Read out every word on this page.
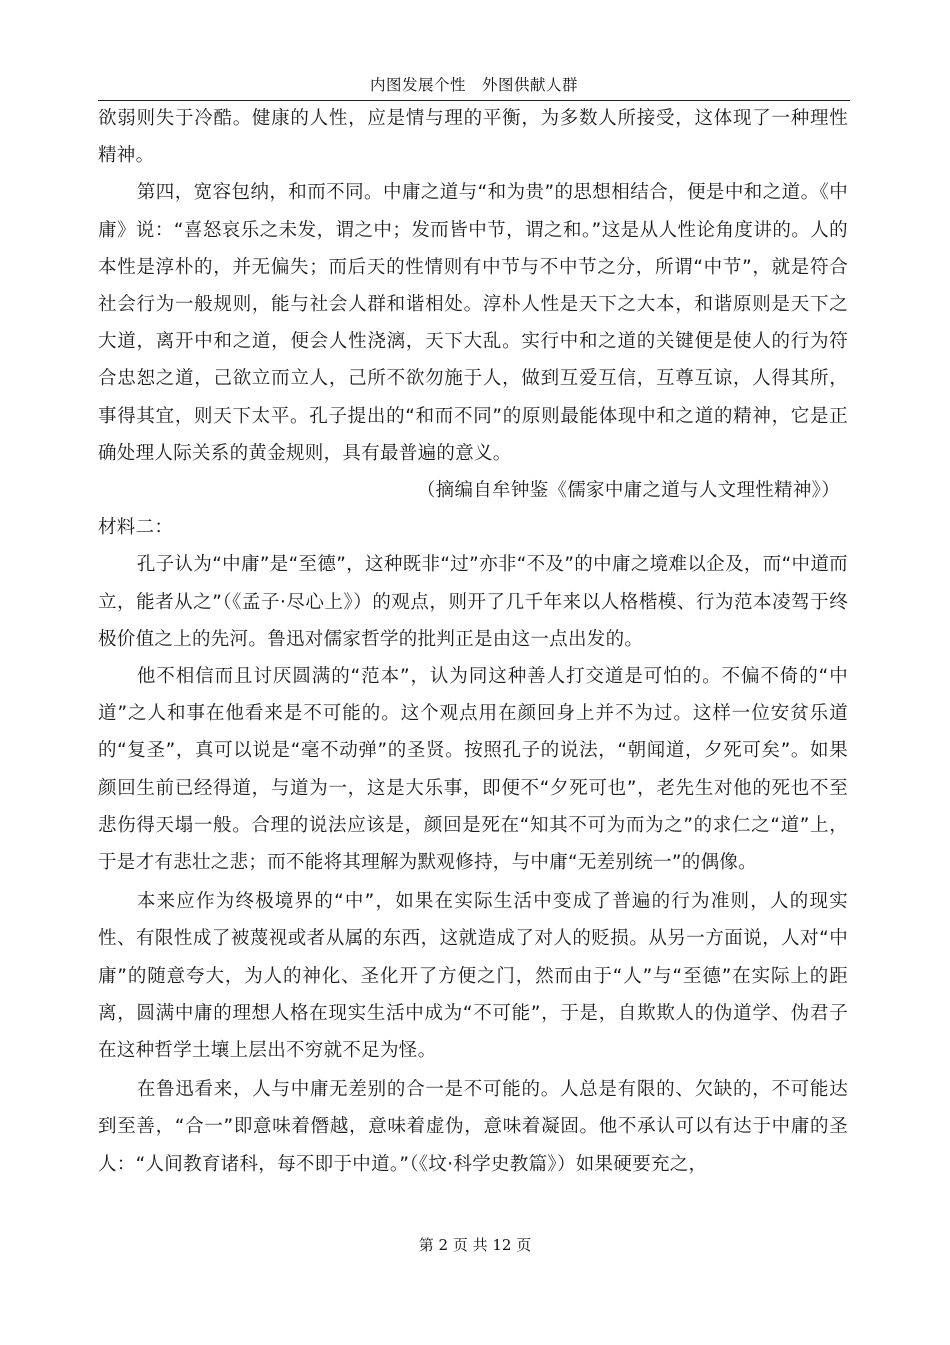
内图发展个性　外图供献人群

欲弱则失于冷酷。健康的人性，应是情与理的平衡，为多数人所接受，这体现了一种理性精神。

第四，宽容包纳，和而不同。中庸之道与“和为贵”的思想相结合，便是中和之道。《中庸》说：“喜怒哀乐之未发，谓之中；发而皆中节，谓之和。”这是从人性论角度讲的。人的本性是淳朴的，并无偏失；而后天的性情则有中节与不中节之分，所谓“中节”，就是符合社会行为一般规则，能与社会人群和谐相处。淳朴人性是天下之大本，和谐原则是天下之大道，离开中和之道，便会人性浇漓，天下大乱。实行中和之道的关键便是使人的行为符合忠恕之道，己欲立而立人，己所不欲勿施于人，做到互爱互信，互尊互谅，人得其所，事得其宜，则天下太平。孔子提出的“和而不同”的原则最能体现中和之道的精神，它是正确处理人际关系的黄金规则，具有最普遍的意义。

（摘编自牟钟鉴《儒家中庸之道与人文理性精神》）

材料二：

孔子认为“中庸”是“至德”，这种既非“过”亦非“不及”的中庸之境难以企及，而“中道而立，能者从之”（《孟子·尽心上》）的观点，则开了几千年来以人格楷模、行为范本凌驾于终极价值之上的先河。鲁迅对儒家哲学的批判正是由这一点出发的。

他不相信而且讨厌圆满的“范本”，认为同这种善人打交道是可怕的。不偏不倚的“中道”之人和事在他看来是不可能的。这个观点用在颜回身上并不为过。这样一位安贫乐道的“复圣”，真可以说是“毫不动弹”的圣贤。按照孔子的说法，“朝闻道，夕死可矣”。如果颜回生前已经得道，与道为一，这是大乐事，即便不“夕死可也”，老先生对他的死也不至悲伤得天塌一般。合理的说法应该是，颜回是死在“知其不可为而为之”的求仁之“道”上，于是才有悲壮之悲；而不能将其理解为默观修持，与中庸“无差别统一”的偶像。

本来应作为终极境界的“中”，如果在实际生活中变成了普遍的行为准则，人的现实性、有限性成了被蔑视或者从属的东西，这就造成了对人的贬损。从另一方面说，人对“中庸”的随意夸大，为人的神化、圣化开了方便之门，然而由于“人”与“至德”在实际上的距离，圆满中庸的理想人格在现实生活中成为“不可能”，于是，自欺欺人的伪道学、伪君子在这种哲学土壤上层出不穷就不足为怪。

在鲁迅看来，人与中庸无差别的合一是不可能的。人总是有限的、欠缺的，不可能达到至善，“合一”即意味着僭越，意味着虚伪，意味着凝固。他不承认可以有达于中庸的圣人：“人间教育诸科，每不即于中道。”（《坟·科学史教篇》）如果硬要充之，

第 2 页 共 12 页
